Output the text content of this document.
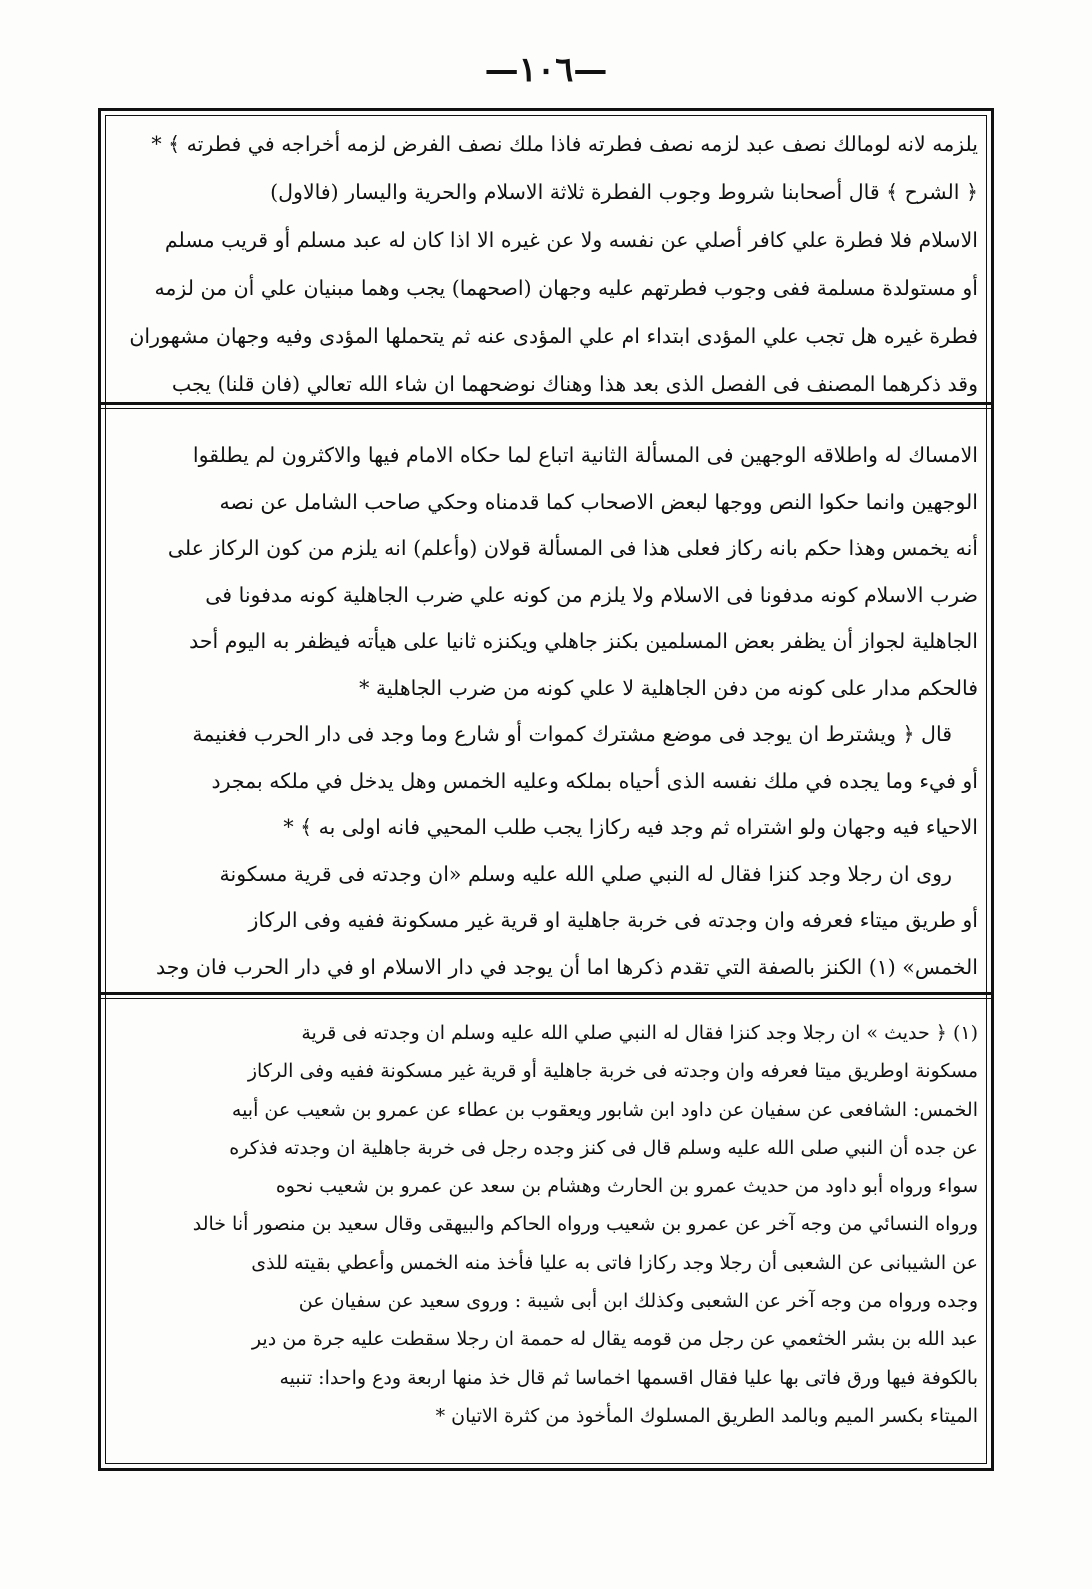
—١٠٦—
يلزمه لانه لومالك نصف عبد لزمه نصف فطرته فاذا ملك نصف الفرض لزمه أخراجه في فطرته ﴾ *
﴿ الشرح ﴾ قال أصحابنا شروط وجوب الفطرة ثلاثة الاسلام والحرية واليسار (فالاول)
الاسلام فلا فطرة علي كافر أصلي عن نفسه ولا عن غيره الا اذا كان له عبد مسلم أو قريب مسلم
أو مستولدة مسلمة ففى وجوب فطرتهم عليه وجهان (اصحهما) يجب وهما مبنيان علي أن من لزمه
فطرة غيره هل تجب علي المؤدى ابتداء ام علي المؤدى عنه ثم يتحملها المؤدى وفيه وجهان مشهوران
وقد ذكرهما المصنف فى الفصل الذى بعد هذا وهناك نوضحهما ان شاء الله تعالي (فان قلنا) يجب
الامساك له واطلاقه الوجهين فى المسألة الثانية اتباع لما حكاه الامام فيها والاكثرون لم يطلقوا
الوجهين وانما حكوا النص ووجها لبعض الاصحاب كما قدمناه وحكي صاحب الشامل عن نصه
أنه يخمس وهذا حكم بانه ركاز فعلى هذا فى المسألة قولان (وأعلم) انه يلزم من كون الركاز على
ضرب الاسلام كونه مدفونا فى الاسلام ولا يلزم من كونه علي ضرب الجاهلية كونه مدفونا فى
الجاهلية لجواز أن يظفر بعض المسلمين بكنز جاهلي ويكنزه ثانيا على هيأته فيظفر به اليوم أحد
فالحكم مدار على كونه من دفن الجاهلية لا علي كونه من ضرب الجاهلية *
قال ﴿ ويشترط ان يوجد فى موضع مشترك كموات أو شارع وما وجد فى دار الحرب فغنيمة
أو فيء وما يجده في ملك نفسه الذى أحياه بملكه وعليه الخمس وهل يدخل في ملكه بمجرد
الاحياء فيه وجهان ولو اشتراه ثم وجد فيه ركازا يجب طلب المحيي فانه اولى به ﴾ *
روى ان رجلا وجد كنزا فقال له النبي صلي الله عليه وسلم «ان وجدته فى قرية مسكونة
أو طريق ميتاء فعرفه وان وجدته فى خربة جاهلية او قرية غير مسكونة ففيه وفى الركاز
الخمس» (١) الكنز بالصفة التي تقدم ذكرها اما أن يوجد في دار الاسلام او في دار الحرب فان وجد
(١) ﴿ حديث » ان رجلا وجد كنزا فقال له النبي صلي الله عليه وسلم ان وجدته فى قرية
مسكونة اوطريق ميتا فعرفه وان وجدته فى خربة جاهلية أو قرية غير مسكونة ففيه وفى الركاز
الخمس: الشافعى عن سفيان عن داود ابن شابور ويعقوب بن عطاء عن عمرو بن شعيب عن أبيه
عن جده أن النبي صلى الله عليه وسلم قال فى كنز وجده رجل فى خربة جاهلية ان وجدته فذكره
سواء ورواه أبو داود من حديث عمرو بن الحارث وهشام بن سعد عن عمرو بن شعيب نحوه
ورواه النسائي من وجه آخر عن عمرو بن شعيب ورواه الحاكم والبيهقى وقال سعيد بن منصور أنا خالد
عن الشيبانى عن الشعبى أن رجلا وجد ركازا فاتى به عليا فأخذ منه الخمس وأعطي بقيته للذى
وجده ورواه من وجه آخر عن الشعبى وكذلك ابن أبى شيبة : وروى سعيد عن سفيان عن
عبد الله بن بشر الخثعمي عن رجل من قومه يقال له حممة ان رجلا سقطت عليه جرة من دير
بالكوفة فيها ورق فاتى بها عليا فقال اقسمها اخماسا ثم قال خذ منها اربعة ودع واحدا: تنبيه
الميتاء بكسر الميم وبالمد الطريق المسلوك المأخوذ من كثرة الاتيان *
